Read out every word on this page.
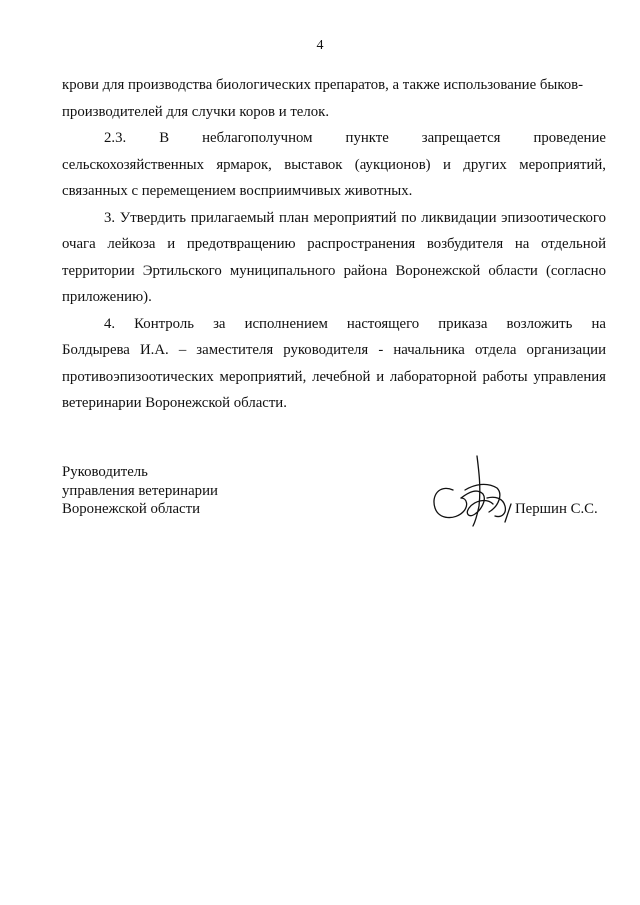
4

крови для производства биологических препаратов, а также использование быков-
производителей для случки коров и телок.

2.3. В неблагополучном пункте запрещается проведение
сельскохозяйственных ярмарок, выставок (аукционов) и других мероприятий, связанных с перемещением восприимчивых животных.

3. Утвердить прилагаемый план мероприятий по ликвидации эпизоотического очага лейкоза и предотвращению распространения возбудителя на отдельной территории Эртильского муниципального района Воронежской области (согласно приложению).

4. Контроль за исполнением настоящего приказа возложить на
Болдырева И.А. – заместителя руководителя - начальника отдела организации противоэпизоотических мероприятий, лечебной и лабораторной работы управления ветеринарии Воронежской области.

Руководитель
управления ветеринарии
Воронежской области	Першин С.С.
